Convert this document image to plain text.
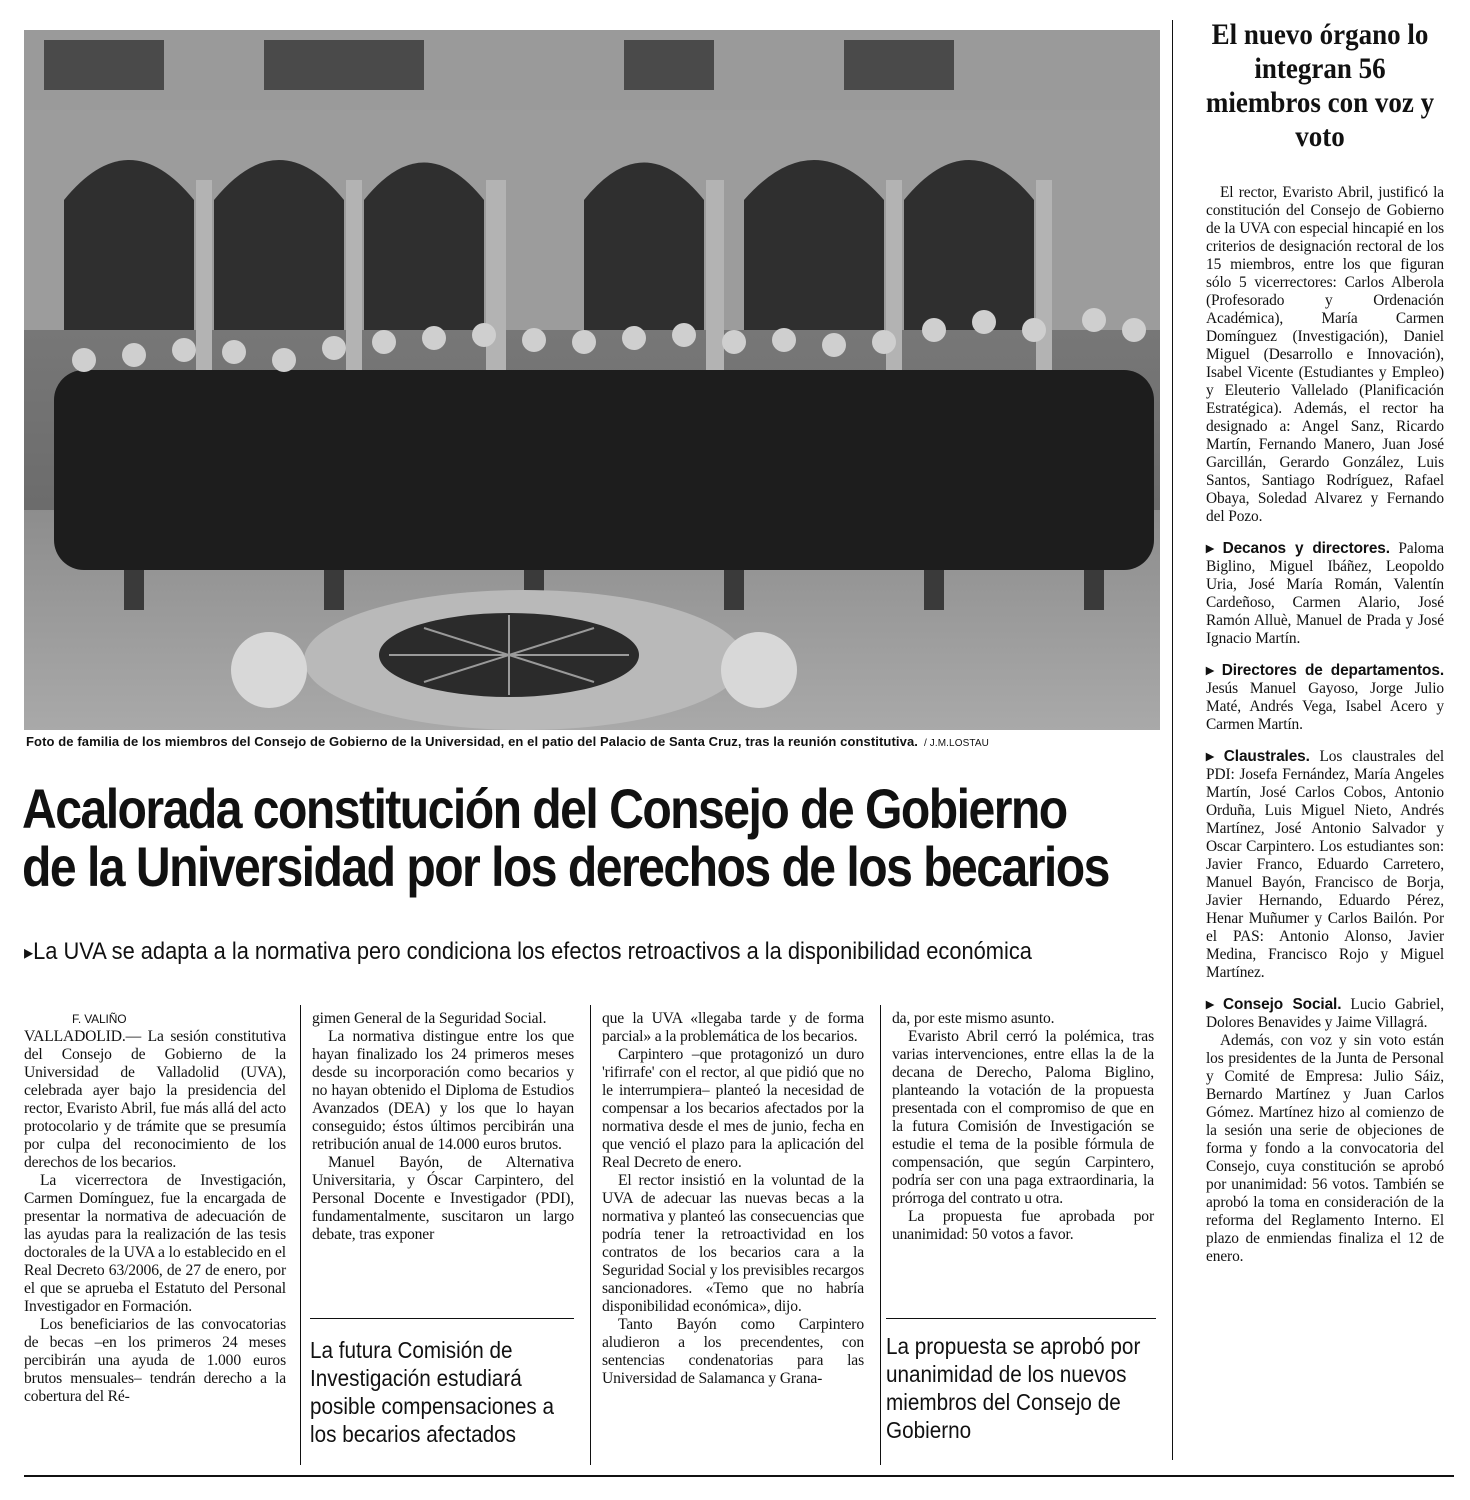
Foto de familia de los miembros del Consejo de Gobierno de la Universidad, en el patio del Palacio de Santa Cruz, tras la reunión constitutiva. / J.M.LOSTAU
Acalorada constitución del Consejo de Gobierno
de la Universidad por los derechos de los becarios
▸La UVA se adapta a la normativa pero condiciona los efectos retroactivos a la disponibilidad económica
F. VALIÑO

VALLADOLID.— La sesión constitutiva del Consejo de Gobierno de la Universidad de Valladolid (UVA), celebrada ayer bajo la presidencia del rector, Evaristo Abril, fue más allá del acto protocolario y de trámite que se presumía por culpa del reconocimiento de los derechos de los becarios.

La vicerrectora de Investigación, Carmen Domínguez, fue la encargada de presentar la normativa de adecuación de las ayudas para la realización de las tesis doctorales de la UVA a lo establecido en el Real Decreto 63/2006, de 27 de enero, por el que se aprueba el Estatuto del Personal Investigador en Formación.

Los beneficiarios de las convocatorias de becas –en los primeros 24 meses percibirán una ayuda de 1.000 euros brutos mensuales– tendrán derecho a la cobertura del Ré-

gimen General de la Seguridad Social.

La normativa distingue entre los que hayan finalizado los 24 primeros meses desde su incorporación como becarios y no hayan obtenido el Diploma de Estudios Avanzados (DEA) y los que lo hayan conseguido; éstos últimos percibirán una retribución anual de 14.000 euros brutos.

Manuel Bayón, de Alternativa Universitaria, y Óscar Carpintero, del Personal Docente e Investigador (PDI), fundamentalmente, suscitaron un largo debate, tras exponer

La futura Comisión de Investigación estudiará posible compensaciones a los becarios afectados

que la UVA «llegaba tarde y de forma parcial» a la problemática de los becarios.

Carpintero –que protagonizó un duro 'rifirrafe' con el rector, al que pidió que no le interrumpiera– planteó la necesidad de compensar a los becarios afectados por la normativa desde el mes de junio, fecha en que venció el plazo para la aplicación del Real Decreto de enero.

El rector insistió en la voluntad de la UVA de adecuar las nuevas becas a la normativa y planteó las consecuencias que podría tener la retroactividad en los contratos de los becarios cara a la Seguridad Social y los previsibles recargos sancionadores. «Temo que no habría disponibilidad económica», dijo.

Tanto Bayón como Carpintero aludieron a los precendentes, con sentencias condenatorias para las Universidad de Salamanca y Grana-

da, por este mismo asunto.

Evaristo Abril cerró la polémica, tras varias intervenciones, entre ellas la de la decana de Derecho, Paloma Biglino, planteando la votación de la propuesta presentada con el compromiso de que en la futura Comisión de Investigación se estudie el tema de la posible fórmula de compensación, que según Carpintero, podría ser con una paga extraordinaria, la prórroga del contrato u otra.

La propuesta fue aprobada por unanimidad: 50 votos a favor.

La propuesta se aprobó por unanimidad de los nuevos miembros del Consejo de Gobierno
El nuevo órgano lo integran 56 miembros con voz y voto

El rector, Evaristo Abril, justificó la constitución del Consejo de Gobierno de la UVA con especial hincapié en los criterios de designación rectoral de los 15 miembros, entre los que figuran sólo 5 vicerrectores: Carlos Alberola (Profesorado y Ordenación Académica), María Carmen Domínguez (Investigación), Daniel Miguel (Desarrollo e Innovación), Isabel Vicente (Estudiantes y Empleo) y Eleuterio Vallelado (Planificación Estratégica). Además, el rector ha designado a: Angel Sanz, Ricardo Martín, Fernando Manero, Juan José Garcillán, Gerardo González, Luis Santos, Santiago Rodríguez, Rafael Obaya, Soledad Alvarez y Fernando del Pozo.

▸ Decanos y directores. Paloma Biglino, Miguel Ibáñez, Leopoldo Uria, José María Román, Valentín Cardeñoso, Carmen Alario, José Ramón Alluè, Manuel de Prada y José Ignacio Martín.

▸ Directores de departamentos. Jesús Manuel Gayoso, Jorge Julio Maté, Andrés Vega, Isabel Acero y Carmen Martín.

▸ Claustrales. Los claustrales del PDI: Josefa Fernández, María Angeles Martín, José Carlos Cobos, Antonio Orduña, Luis Miguel Nieto, Andrés Martínez, José Antonio Salvador y Oscar Carpintero. Los estudiantes son: Javier Franco, Eduardo Carretero, Manuel Bayón, Francisco de Borja, Javier Hernando, Eduardo Pérez, Henar Muñumer y Carlos Bailón. Por el PAS: Antonio Alonso, Javier Medina, Francisco Rojo y Miguel Martínez.

▸ Consejo Social. Lucio Gabriel, Dolores Benavides y Jaime Villagrá.

Además, con voz y sin voto están los presidentes de la Junta de Personal y Comité de Empresa: Julio Sáiz, Bernardo Martínez y Juan Carlos Gómez. Martínez hizo al comienzo de la sesión una serie de objeciones de forma y fondo a la convocatoria del Consejo, cuya constitución se aprobó por unanimidad: 56 votos. También se aprobó la toma en consideración de la reforma del Reglamento Interno. El plazo de enmiendas finaliza el 12 de enero.
